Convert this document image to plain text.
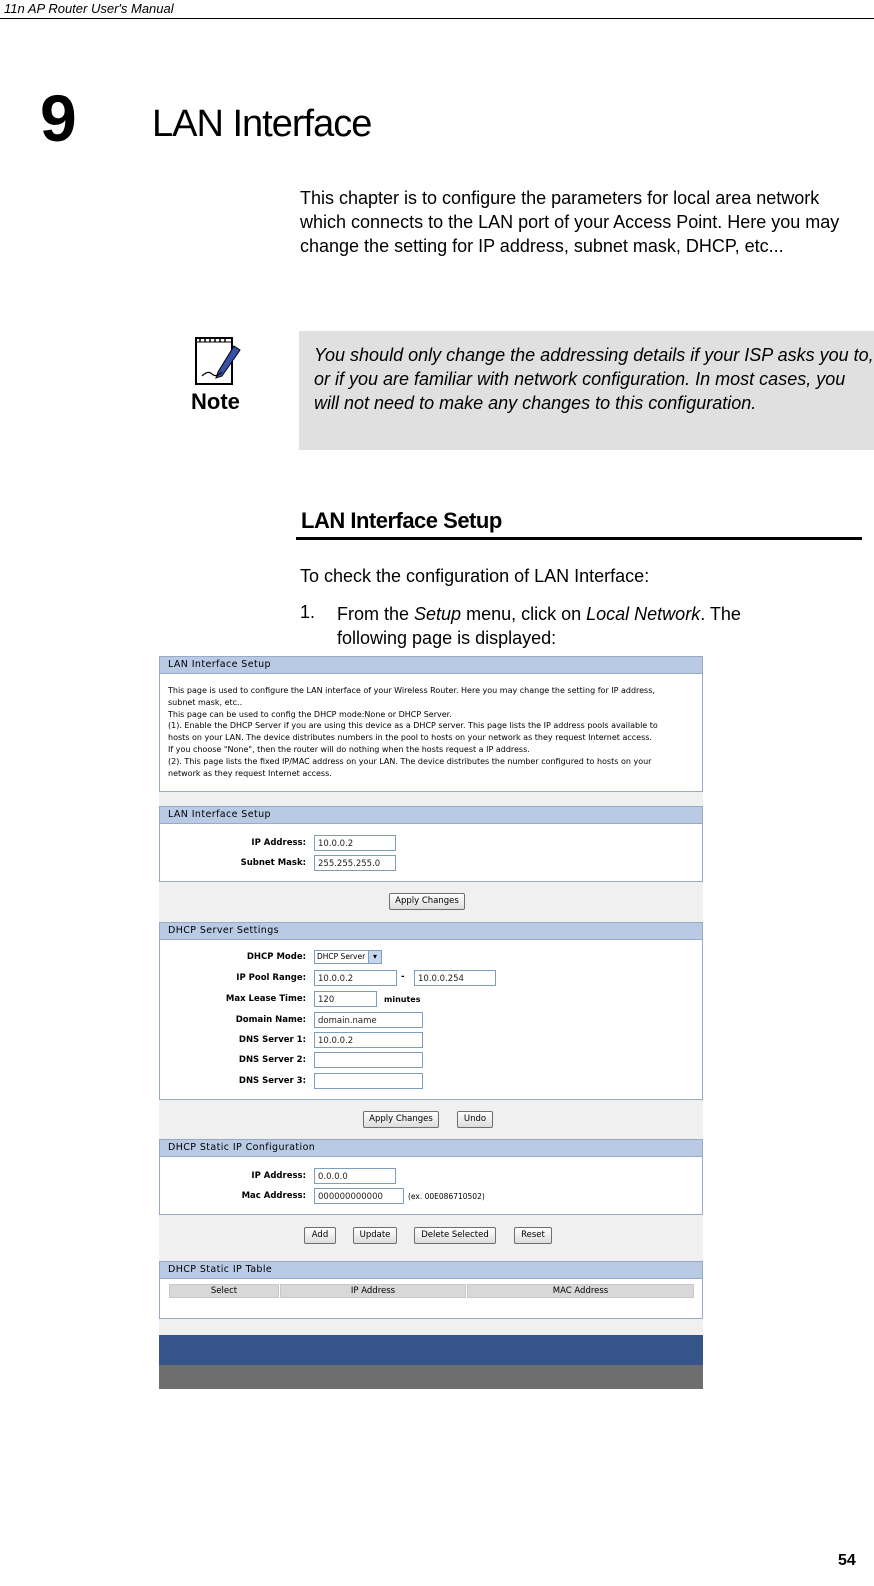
11n AP Router User's Manual
9 LAN Interface
This chapter is to configure the parameters for local area network which connects to the LAN port of your Access Point. Here you may change the setting for IP address, subnet mask, DHCP, etc...
Note
You should only change the addressing details if your ISP asks you to, or if you are familiar with network configuration. In most cases, you will not need to make any changes to this configuration.
LAN Interface Setup
To check the configuration of LAN Interface:
1. From the Setup menu, click on Local Network. The following page is displayed:
LAN Interface Setup
This page is used to configure the LAN interface of your Wireless Router. Here you may change the setting for IP address,
subnet mask, etc..
This page can be used to config the DHCP mode:None or DHCP Server.
(1). Enable the DHCP Server if you are using this device as a DHCP server. This page lists the IP address pools available to
hosts on your LAN. The device distributes numbers in the pool to hosts on your network as they request Internet access.
If you choose "None", then the router will do nothing when the hosts request a IP address.
(2). This page lists the fixed IP/MAC address on your LAN. The device distributes the number configured to hosts on your
network as they request Internet access.
LAN Interface Setup
IP Address:	10.0.0.2
Subnet Mask:	255.255.255.0
Apply Changes
DHCP Server Settings
DHCP Mode:	DHCP Server ▾
IP Pool Range:	10.0.0.2	-	10.0.0.254
Max Lease Time:	120	minutes
Domain Name:	domain.name
DNS Server 1:	10.0.0.2
DNS Server 2:
DNS Server 3:
Apply Changes	Undo
DHCP Static IP Configuration
IP Address:	0.0.0.0
Mac Address:	000000000000	(ex. 00E086710502)
Add	Update	Delete Selected	Reset
DHCP Static IP Table
Select	IP Address	MAC Address
54
